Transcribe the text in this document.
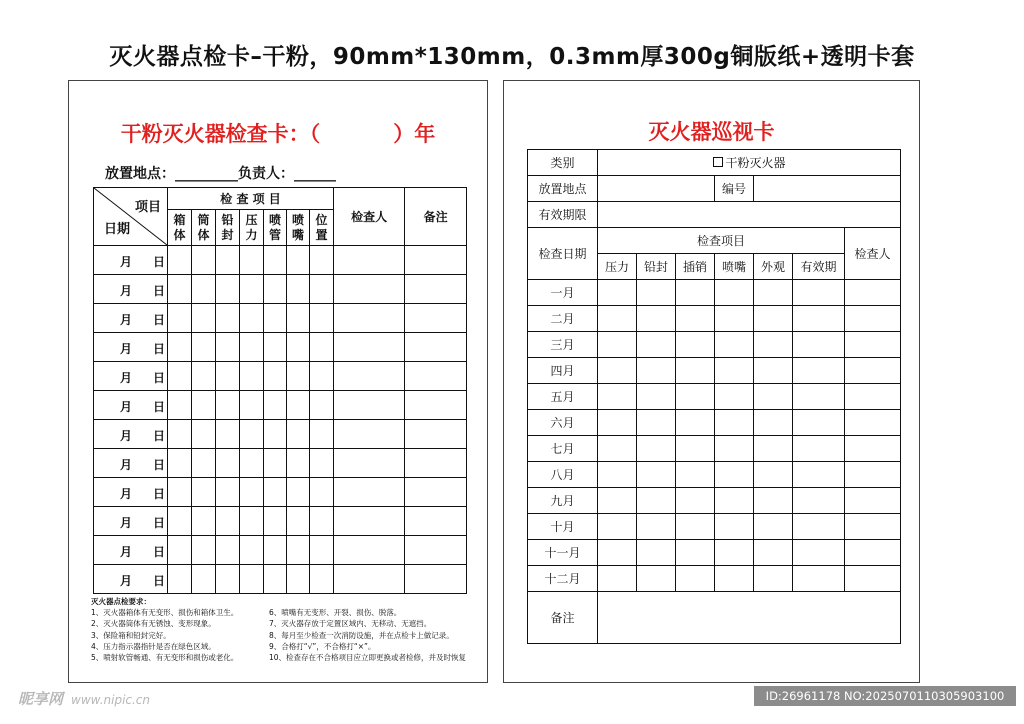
灭火器点检卡–干粉，90mm*130mm，0.3mm厚300g铜版纸+透明卡套
干粉灭火器检查卡：（          ）年
放置地点：_________负责人：______
项目
日期	检 查 项 目							检查人	备注
	箱体	筒体	铅封	压力	喷管	喷嘴	位置		

月 日									

月 日									

月 日									

月 日									

月 日									

月 日									

月 日									

月 日									

月 日									

月 日									

月 日									

月 日									

灭火器点检要求：
1、灭火器箱体有无变形、损伤和箱体卫生。
2、灭火器筒体有无锈蚀、变形现象。
3、保险箱和铅封完好。
4、压力指示器指针是否在绿色区域。
5、喷射软管畅通、有无变形和损伤或老化。
6、喷嘴有无变形、开裂、损伤、脱落。
7、灭火器存放于定置区域内、无移动、无遮挡。
8、每月至少检查一次消防设施，并在点检卡上做记录。
9、合格打“√”，不合格打“×”。
10、检查存在不合格项目应立即更换或者检修，并及时恢复
灭火器巡视卡
类别	干粉灭火器						
放置地点				编号			
有效期限							
检查日期	检查项目						检查人
	压力	铅封	插销	喷嘴	外观	有效期	
一月							
二月							
三月							
四月							
五月							
六月							
七月							
八月							
九月							
十月							
十一月							
十二月							
备注							
昵享网 www.nipic.cn	ID:26961178 NO:20250701103059031​00
